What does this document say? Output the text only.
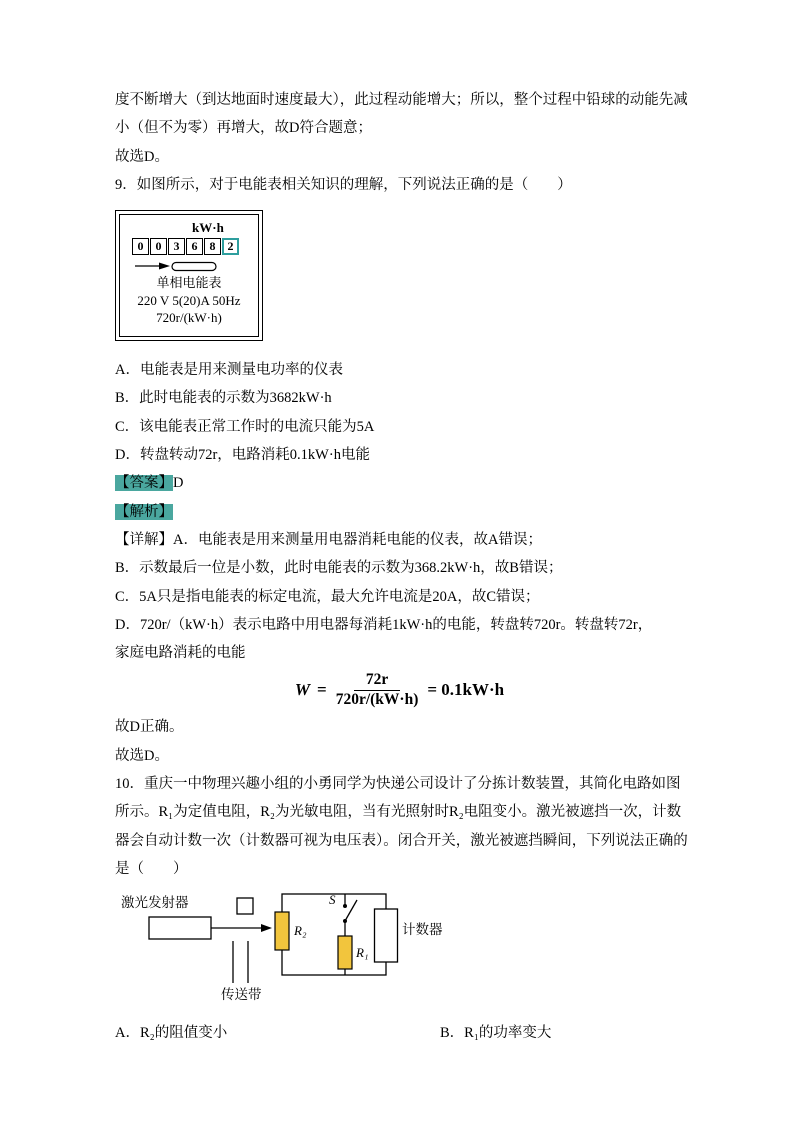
度不断增大（到达地面时速度最大），此过程动能增大；所以，整个过程中铅球的动能先减

小（但不为零）再增大，故D符合题意；

故选D。

9．如图所示，对于电能表相关知识的理解，下列说法正确的是（　　）

kW·h
0	0	3	6	8	2
单相电能表
220 V 5(20)A 50Hz
720r/(kW·h)

A．电能表是用来测量电功率的仪表

B．此时电能表的示数为3682kW·h

C．该电能表正常工作时的电流只能为5A

D．转盘转动72r，电路消耗0.1kW·h电能

【答案】D

【解析】

【详解】A．电能表是用来测量用电器消耗电能的仪表，故A错误；

B．示数最后一位是小数，此时电能表的示数为368.2kW·h，故B错误；

C．5A只是指电能表的标定电流，最大允许电流是20A，故C错误；

D．720r/（kW·h）表示电路中用电器每消耗1kW·h的电能，转盘转720r。转盘转72r，

家庭电路消耗的电能

$W = \frac{72r}{720r/(kW\cdot h)} = 0.1kW\cdot h$

故D正确。

故选D。

10．重庆一中物理兴趣小组的小勇同学为快递公司设计了分拣计数装置，其简化电路如图

所示。R₁为定值电阻，R₂为光敏电阻，当有光照射时R₂电阻变小。激光被遮挡一次，计数

器会自动计数一次（计数器可视为电压表）。闭合开关，激光被遮挡瞬间，下列说法正确的

是（　　）

激光发射器
传送带
S
R₂
R₁
计数器

A．R₂的阻值变小	B．R₁的功率变大
